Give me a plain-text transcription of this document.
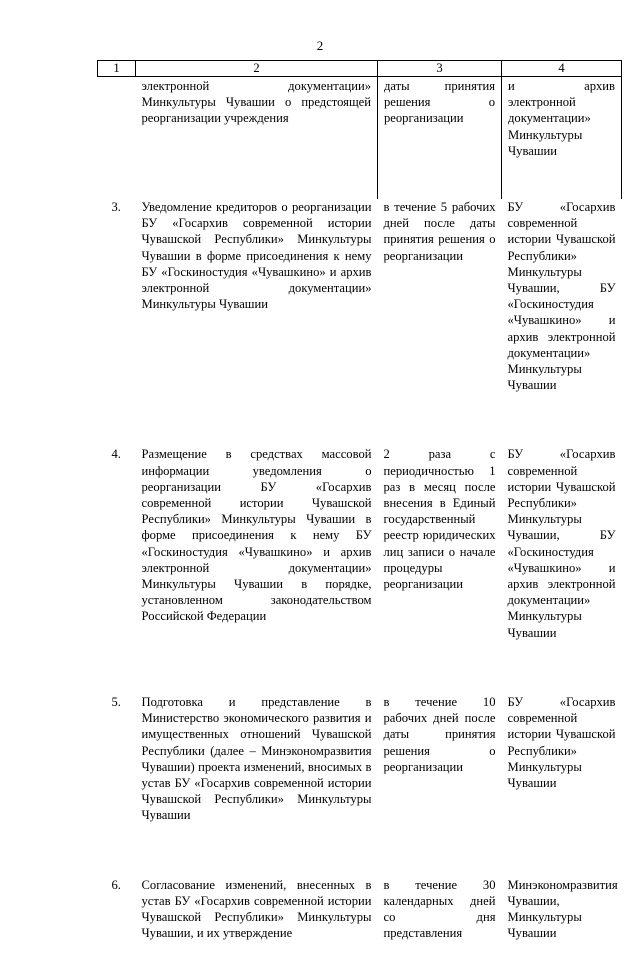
2
1	2	3	4
	электронной документации» Минкультуры Чувашии о предстоящей реорганизации учреждения	даты принятия решения о реорганизации	и архив электронной документации» Минкультуры Чувашии
3.	Уведомление кредиторов о реорганизации БУ «Госархив современной истории Чувашской Республики» Минкультуры Чувашии в форме присоединения к нему БУ «Госкиностудия «Чувашкино» и архив электронной документации» Минкультуры Чувашии	в течение 5 рабочих дней после даты принятия решения о реорганизации	БУ «Госархив современной истории Чувашской Республики» Минкультуры Чувашии, БУ «Госкиностудия «Чувашкино» и архив электронной документации» Минкультуры Чувашии
4.	Размещение в средствах массовой информации уведомления о реорганизации БУ «Госархив современной истории Чувашской Республики» Минкультуры Чувашии в форме присоединения к нему БУ «Госкиностудия «Чувашкино» и архив электронной документации» Минкультуры Чувашии в порядке, установленном законодательством Российской Федерации	2 раза с периодичностью 1 раз в месяц после внесения в Единый государственный реестр юридических лиц записи о начале процедуры реорганизации	БУ «Госархив современной истории Чувашской Республики» Минкультуры Чувашии, БУ «Госкиностудия «Чувашкино» и архив электронной документации» Минкультуры Чувашии
5.	Подготовка и представление в Министерство экономического развития и имущественных отношений Чувашской Республики (далее – Минэкономразвития Чувашии) проекта изменений, вносимых в устав БУ «Госархив современной истории Чувашской Республики» Минкультуры Чувашии	в течение 10 рабочих дней после даты принятия решения о реорганизации	БУ «Госархив современной истории Чувашской Республики» Минкультуры Чувашии
6.	Согласование изменений, внесенных в устав БУ «Госархив современной истории Чувашской Республики» Минкультуры Чувашии, и их утверждение	в течение 30 календарных дней со дня представления	Минэкономразвития Чувашии, Минкультуры Чувашии
